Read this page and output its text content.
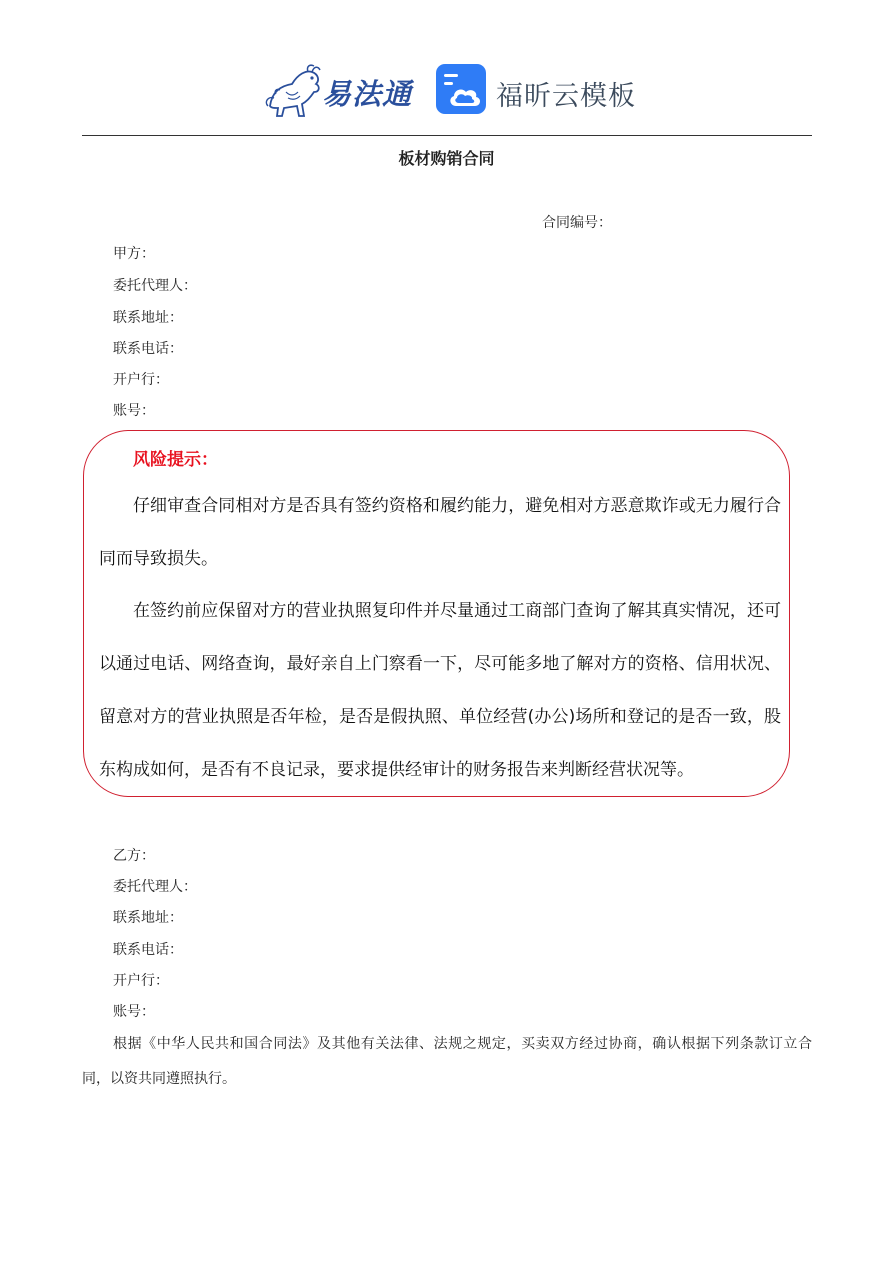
易法通	福昕云模板
板材购销合同
合同编号：
甲方：
委托代理人：
联系地址：
联系电话：
开户行：
账号：
风险提示：
仔细审查合同相对方是否具有签约资格和履约能力，避免相对方恶意欺诈或无力履行合同而导致损失。
在签约前应保留对方的营业执照复印件并尽量通过工商部门查询了解其真实情况，还可以通过电话、网络查询，最好亲自上门察看一下，尽可能多地了解对方的资格、信用状况、留意对方的营业执照是否年检，是否是假执照、单位经营(办公)场所和登记的是否一致，股东构成如何，是否有不良记录，要求提供经审计的财务报告来判断经营状况等。
乙方：
委托代理人：
联系地址：
联系电话：
开户行：
账号：
根据《中华人民共和国合同法》及其他有关法律、法规之规定，买卖双方经过协商，确认根据下列条款订立合同，以资共同遵照执行。
